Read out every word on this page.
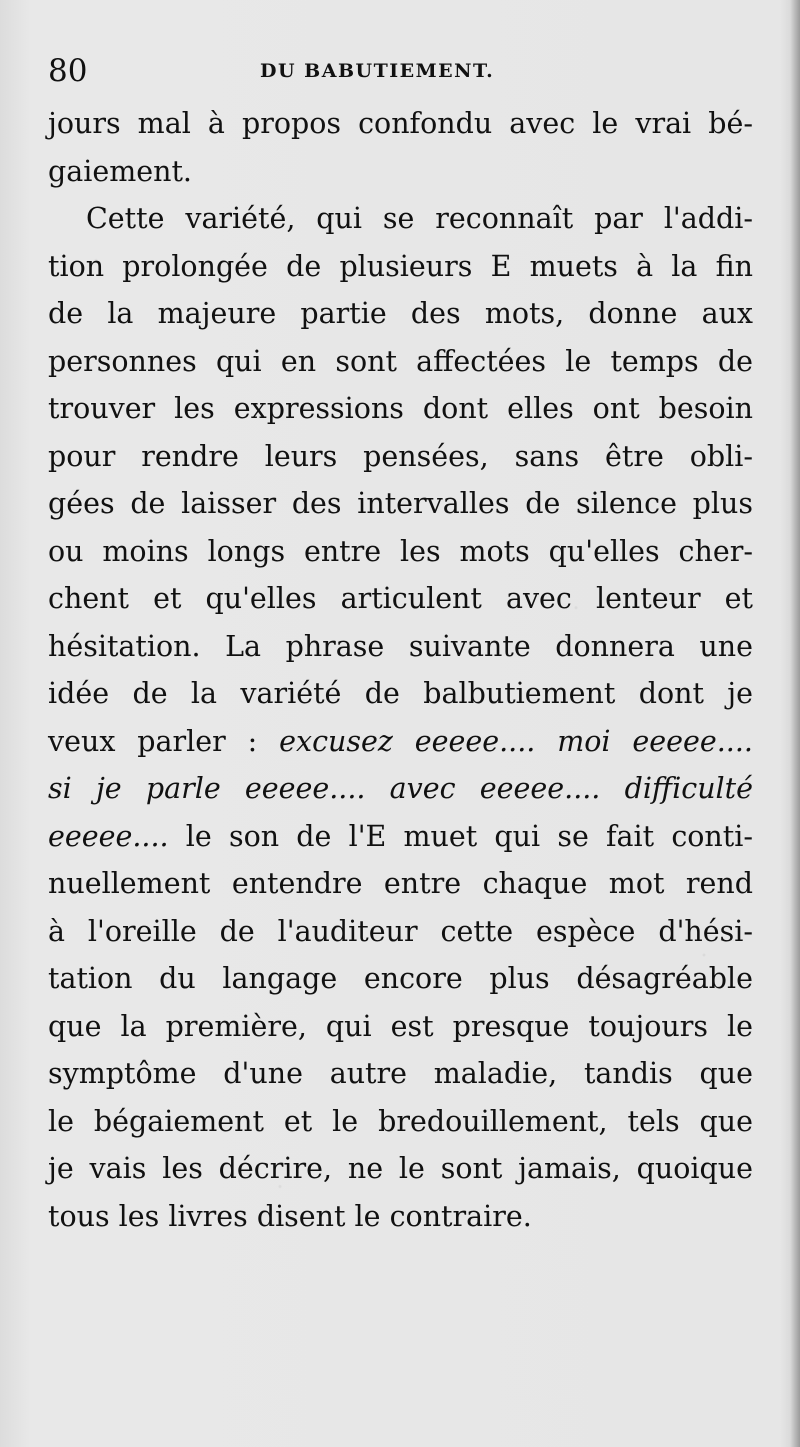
80	DU BABUTIEMENT.
jours mal à propos confondu avec le vrai bé-
gaiement.
Cette variété, qui se reconnaît par l'addi-
tion prolongée de plusieurs E muets à la fin
de la majeure partie des mots, donne aux
personnes qui en sont affectées le temps de
trouver les expressions dont elles ont besoin
pour rendre leurs pensées, sans être obli-
gées de laisser des intervalles de silence plus
ou moins longs entre les mots qu'elles cher-
chent et qu'elles articulent avec lenteur et
hésitation. La phrase suivante donnera une
idée de la variété de balbutiement dont je
veux parler : excusez eeeee.... moi eeeee....
si je parle eeeee.... avec eeeee.... difficulté
eeeee.... le son de l'E muet qui se fait conti-
nuellement entendre entre chaque mot rend
à l'oreille de l'auditeur cette espèce d'hési-
tation du langage encore plus désagréable
que la première, qui est presque toujours le
symptôme d'une autre maladie, tandis que
le bégaiement et le bredouillement, tels que
je vais les décrire, ne le sont jamais, quoique
tous les livres disent le contraire.
